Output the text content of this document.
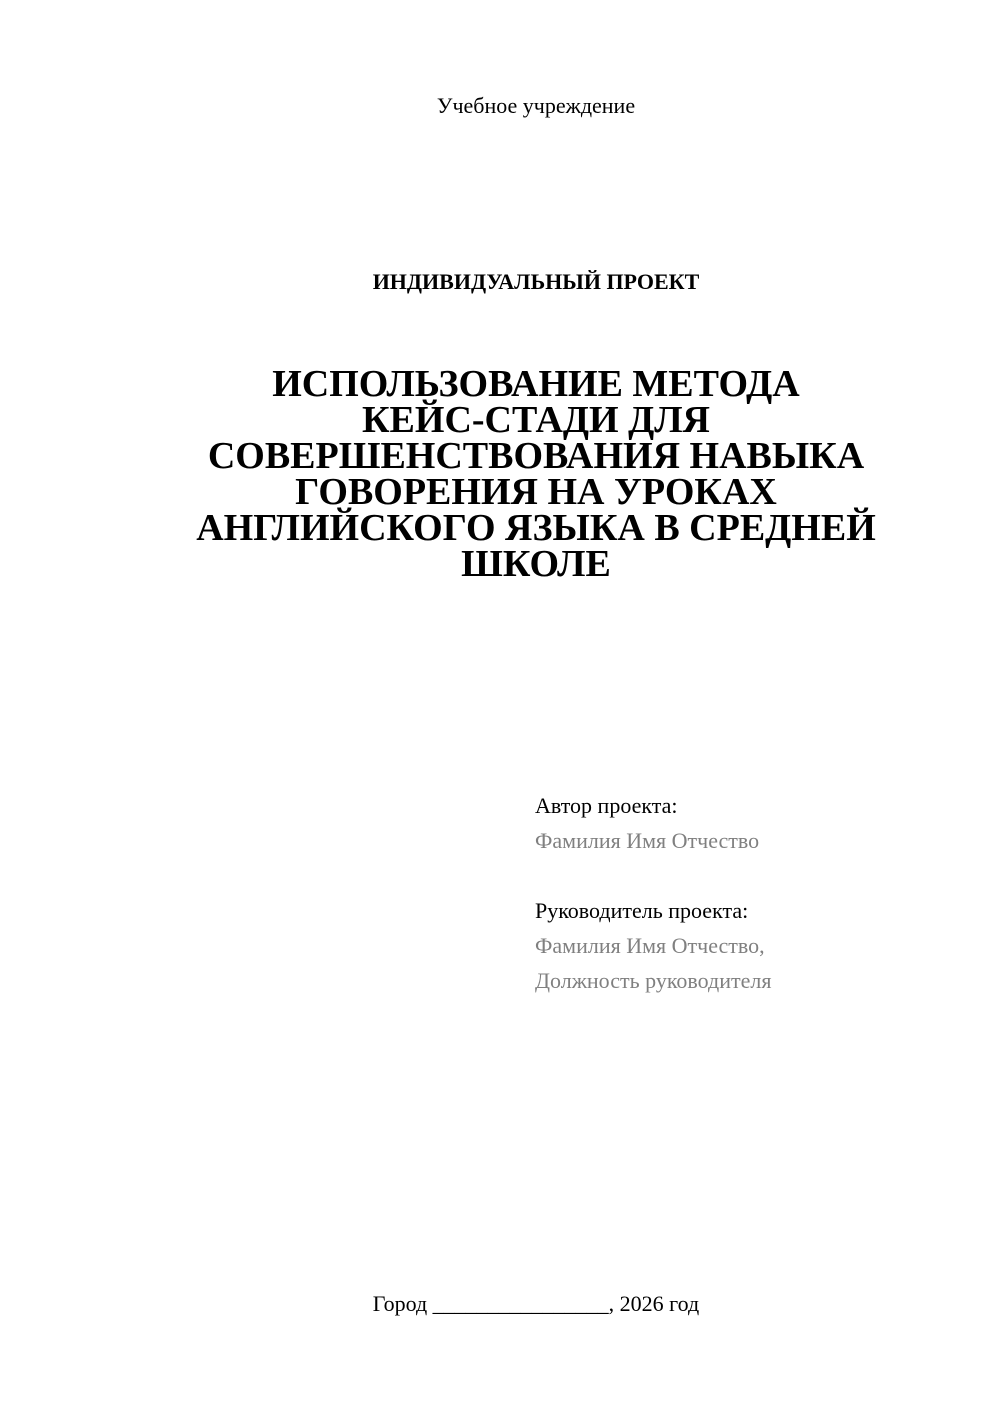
Учебное учреждение
ИНДИВИДУАЛЬНЫЙ ПРОЕКТ
ИСПОЛЬЗОВАНИЕ МЕТОДА
КЕЙС-СТАДИ ДЛЯ
СОВЕРШЕНСТВОВАНИЯ НАВЫКА
ГОВОРЕНИЯ НА УРОКАХ
АНГЛИЙСКОГО ЯЗЫКА В СРЕДНЕЙ
ШКОЛЕ
Автор проекта:
Фамилия Имя Отчество
Руководитель проекта:
Фамилия Имя Отчество,
Должность руководителя
Город ________________, 2026 год
